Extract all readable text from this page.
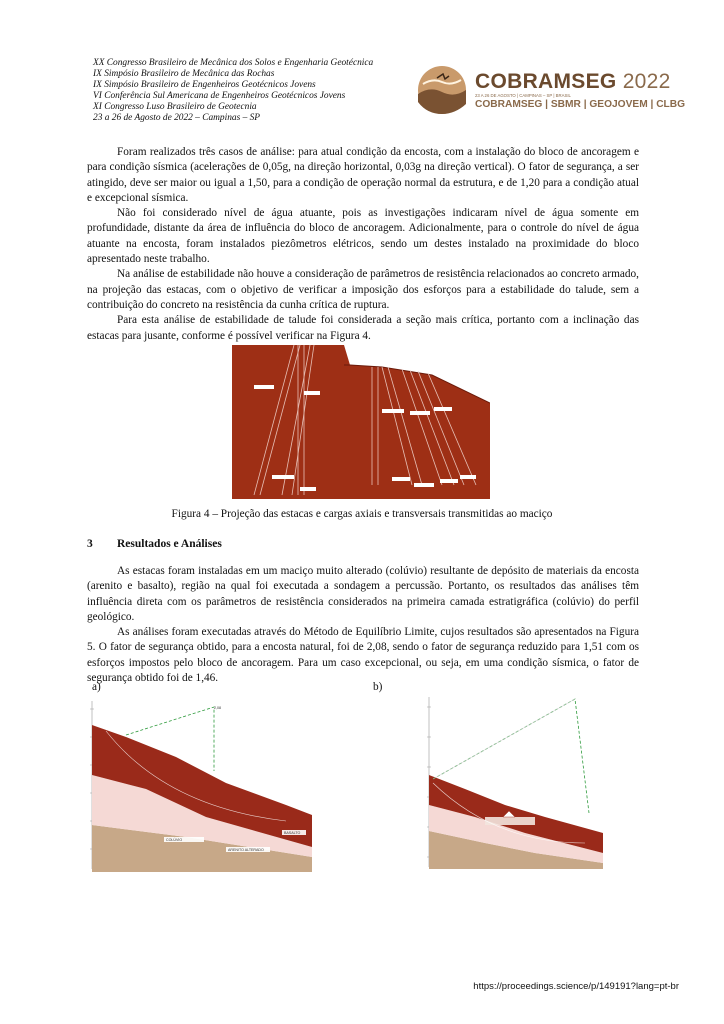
XX Congresso Brasileiro de Mecânica dos Solos e Engenharia Geotécnica
IX Simpósio Brasileiro de Mecânica das Rochas
IX Simpósio Brasileiro de Engenheiros Geotécnicos Jovens
VI Conferência Sul Americana de Engenheiros Geotécnicos Jovens
XI Congresso Luso Brasileiro de Geotecnia
23 a 26 de Agosto de 2022 – Campinas – SP
COBRAMSEG 2022
23 A 26 DE AGOSTO | CAMPINAS – SP | BRASIL
COBRAMSEG | SBMR | GEOJOVEM | CLBG

Foram realizados três casos de análise: para atual condição da encosta, com a instalação do bloco de ancoragem e para condição sísmica (acelerações de 0,05g, na direção horizontal, 0,03g na direção vertical). O fator de segurança, a ser atingido, deve ser maior ou igual a 1,50, para a condição de operação normal da estrutura, e de 1,20 para a condição atual e excepcional sísmica.

Não foi considerado nível de água atuante, pois as investigações indicaram nível de água somente em profundidade, distante da área de influência do bloco de ancoragem. Adicionalmente, para o controle do nível de água atuante na encosta, foram instalados piezômetros elétricos, sendo um destes instalado na proximidade do bloco apresentado neste trabalho.

Na análise de estabilidade não houve a consideração de parâmetros de resistência relacionados ao concreto armado, na projeção das estacas, com o objetivo de verificar a imposição dos esforços para a estabilidade do talude, sem a contribuição do concreto na resistência da cunha crítica de ruptura.

Para esta análise de estabilidade de talude foi considerada a seção mais crítica, portanto com a inclinação das estacas para jusante, conforme é possível verificar na Figura 4.

Figura 4 – Projeção das estacas e cargas axiais e transversais transmitidas ao maciço
3 Resultados e Análises

As estacas foram instaladas em um maciço muito alterado (colúvio) resultante de depósito de materiais da encosta (arenito e basalto), região na qual foi executada a sondagem a percussão. Portanto, os resultados das análises têm influência direta com os parâmetros de resistência considerados na primeira camada estratigráfica (colúvio) do perfil geológico.

As análises foram executadas através do Método de Equilíbrio Limite, cujos resultados são apresentados na Figura 5. O fator de segurança obtido, para a encosta natural, foi de 2,08, sendo o fator de segurança reduzido para 1,51 com os esforços impostos pelo bloco de ancoragem. Para um caso excepcional, ou seja, em uma condição sísmica, o fator de segurança obtido foi de 1,46.

a)	b)
2,08
COLÚVIO
ARENITO ALTERADO
BASALTO
https://proceedings.science/p/149191?lang=pt-br
